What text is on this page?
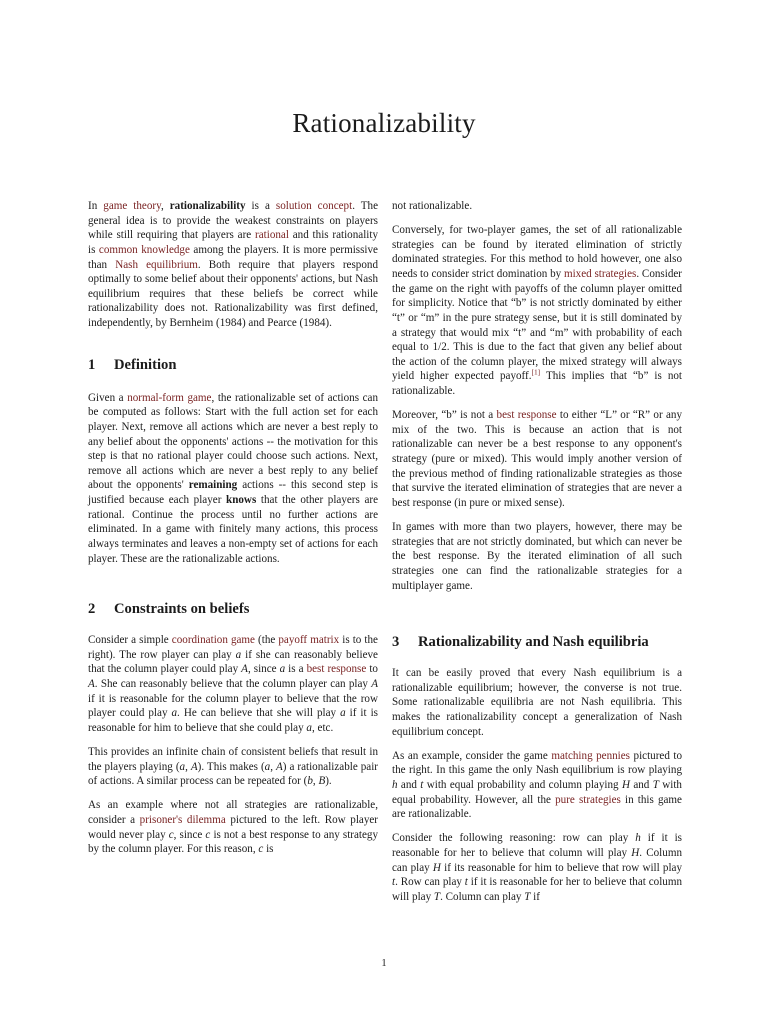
Rationalizability

In game theory, rationalizability is a solution concept. The general idea is to provide the weakest constraints on players while still requiring that players are rational and this rationality is common knowledge among the players. It is more permissive than Nash equilibrium. Both require that players respond optimally to some belief about their opponents' actions, but Nash equilibrium requires that these beliefs be correct while rationalizability does not. Rationalizability was first defined, independently, by Bernheim (1984) and Pearce (1984).

1 Definition

Given a normal-form game, the rationalizable set of actions can be computed as follows: Start with the full action set for each player. Next, remove all actions which are never a best reply to any belief about the opponents' actions -- the motivation for this step is that no rational player could choose such actions. Next, remove all actions which are never a best reply to any belief about the opponents' remaining actions -- this second step is justified because each player knows that the other players are rational. Continue the process until no further actions are eliminated. In a game with finitely many actions, this process always terminates and leaves a non-empty set of actions for each player. These are the rationalizable actions.

2 Constraints on beliefs

Consider a simple coordination game (the payoff matrix is to the right). The row player can play a if she can reasonably believe that the column player could play A, since a is a best response to A. She can reasonably believe that the column player can play A if it is reasonable for the column player to believe that the row player could play a. He can believe that she will play a if it is reasonable for him to believe that she could play a, etc.

This provides an infinite chain of consistent beliefs that result in the players playing (a, A). This makes (a, A) a rationalizable pair of actions. A similar process can be repeated for (b, B).

As an example where not all strategies are rationalizable, consider a prisoner's dilemma pictured to the left. Row player would never play c, since c is not a best response to any strategy by the column player. For this reason, c is

not rationalizable.

Conversely, for two-player games, the set of all rationalizable strategies can be found by iterated elimination of strictly dominated strategies. For this method to hold however, one also needs to consider strict domination by mixed strategies. Consider the game on the right with payoffs of the column player omitted for simplicity. Notice that “b” is not strictly dominated by either “t” or “m” in the pure strategy sense, but it is still dominated by a strategy that would mix “t” and “m” with probability of each equal to 1/2. This is due to the fact that given any belief about the action of the column player, the mixed strategy will always yield higher expected payoff.[1] This implies that “b” is not rationalizable.

Moreover, “b” is not a best response to either “L” or “R” or any mix of the two. This is because an action that is not rationalizable can never be a best response to any opponent's strategy (pure or mixed). This would imply another version of the previous method of finding rationalizable strategies as those that survive the iterated elimination of strategies that are never a best response (in pure or mixed sense).

In games with more than two players, however, there may be strategies that are not strictly dominated, but which can never be the best response. By the iterated elimination of all such strategies one can find the rationalizable strategies for a multiplayer game.

3 Rationalizability and Nash equilibria

It can be easily proved that every Nash equilibrium is a rationalizable equilibrium; however, the converse is not true. Some rationalizable equilibria are not Nash equilibria. This makes the rationalizability concept a generalization of Nash equilibrium concept.

As an example, consider the game matching pennies pictured to the right. In this game the only Nash equilibrium is row playing h and t with equal probability and column playing H and T with equal probability. However, all the pure strategies in this game are rationalizable.

Consider the following reasoning: row can play h if it is reasonable for her to believe that column will play H. Column can play H if its reasonable for him to believe that row will play t. Row can play t if it is reasonable for her to believe that column will play T. Column can play T if

1
